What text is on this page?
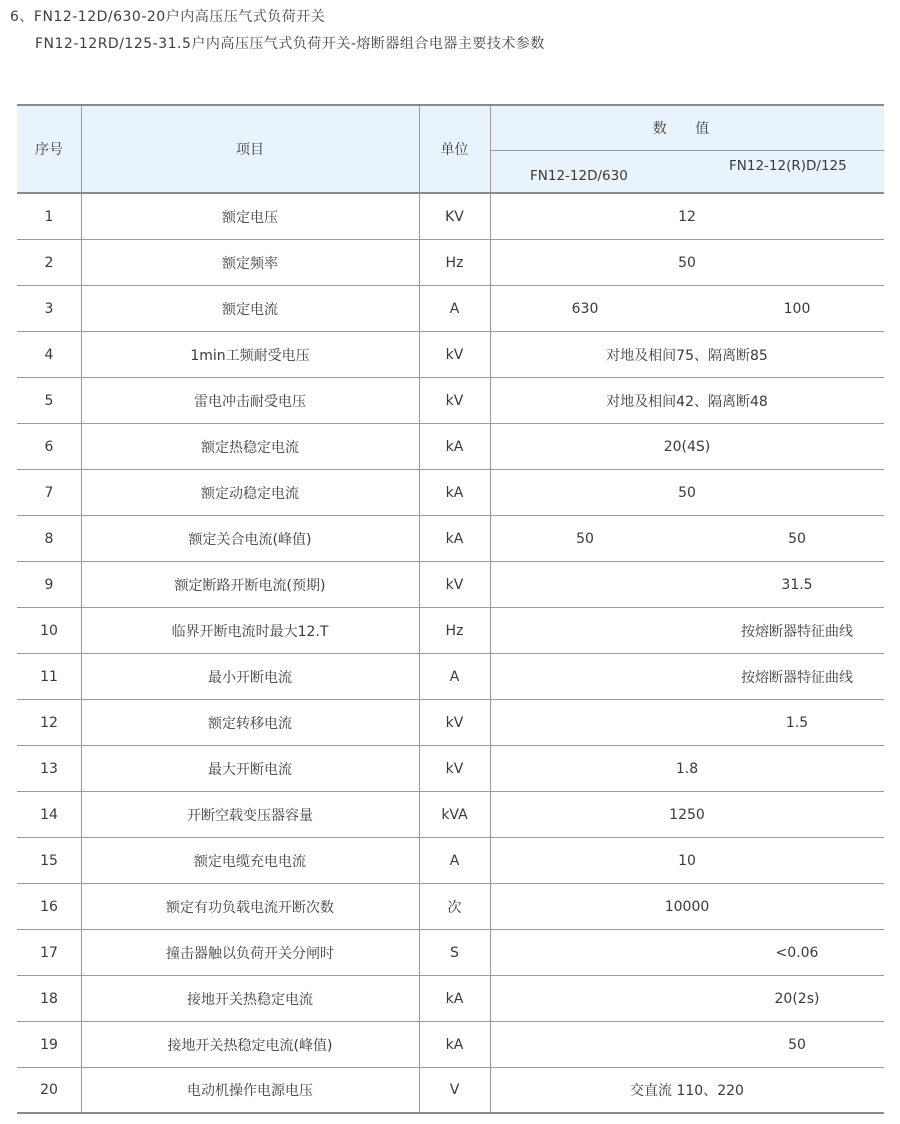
6、FN12-12D/630-20户内高压压气式负荷开关
FN12-12RD/125-31.5户内高压压气式负荷开关-熔断器组合电器主要技术参数
序号	项目	单位
数 值
FN12-12D/630
FN12-12(R)D/125
1	额定电压	KV	12
2	额定频率	Hz	50
3	额定电流	A	630	100
4	1min工频耐受电压	kV	对地及相间75、隔离断85
5	雷电冲击耐受电压	kV	对地及相间42、隔离断48
6	额定热稳定电流	kA	20(4S)
7	额定动稳定电流	kA	50
8	额定关合电流(峰值)	kA	50	50
9	额定断路开断电流(预期)	kV	31.5
10	临界开断电流时最大12.T	Hz	按熔断器特征曲线
11	最小开断电流	A	按熔断器特征曲线
12	额定转移电流	kV	1.5
13	最大开断电流	kV	1.8
14	开断空载变压器容量	kVA	1250
15	额定电缆充电电流	A	10
16	额定有功负载电流开断次数	次	10000
17	撞击器触以负荷开关分闸时	S	<0.06
18	接地开关热稳定电流	kA	20(2s)
19	接地开关热稳定电流(峰值)	kA	50
20	电动机操作电源电压	V	交直流 110、220
